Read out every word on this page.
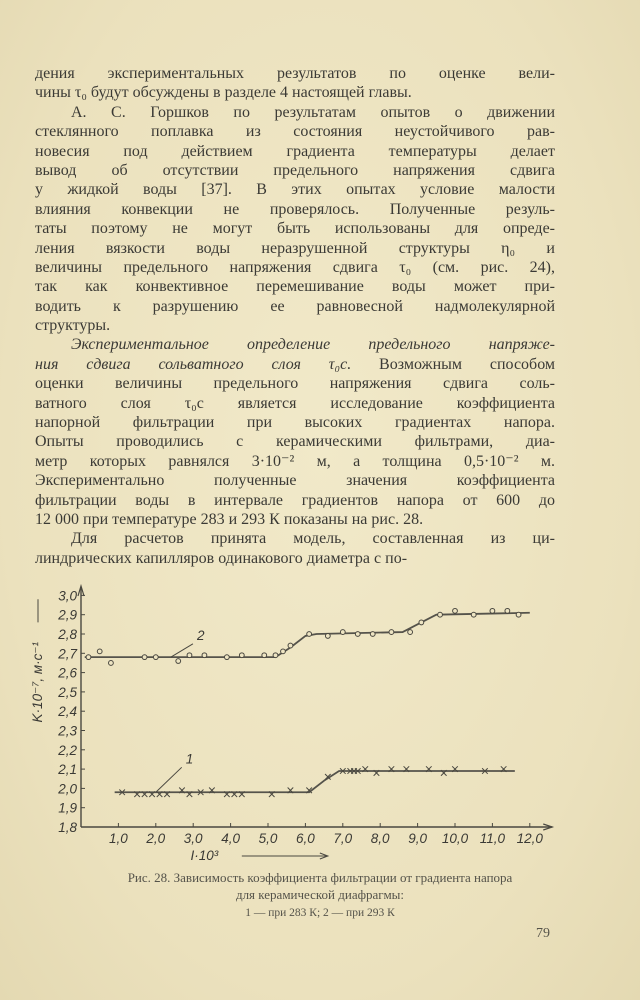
дения экспериментальных результатов по оценке вели-
чины τ₀ будут обсуждены в разделе 4 настоящей главы.
А. С. Горшков по результатам опытов о движении
стеклянного поплавка из состояния неустойчивого рав-
новесия под действием градиента температуры делает
вывод об отсутствии предельного напряжения сдвига
у жидкой воды [37]. В этих опытах условие малости
влияния конвекции не проверялось. Полученные резуль-
таты поэтому не могут быть использованы для опреде-
ления вязкости воды неразрушенной структуры η₀ и
величины предельного напряжения сдвига τ₀ (см. рис. 24),
так как конвективное перемешивание воды может при-
водить к разрушению ее равновесной надмолекулярной
структуры.
Экспериментальное определение предельного напряже-
ния сдвига сольватного слоя τ₀с. Возможным способом
оценки величины предельного напряжения сдвига соль-
ватного слоя τ₀с является исследование коэффициента
напорной фильтрации при высоких градиентах напора.
Опыты проводились с керамическими фильтрами, диа-
метр которых равнялся 3·10⁻² м, а толщина 0,5·10⁻² м.
Экспериментально полученные значения коэффициента
фильтрации воды в интервале градиентов напора от 600 до
12 000 при температуре 283 и 293 К показаны на рис. 28.
Для расчетов принята модель, составленная из ци-
линдрических капилляров одинакового диаметра с по-
1,8
1,9
2,0
2,1
2,2
2,3
2,4
2,5
2,6
2,7
2,8
2,9
3,0
1,0 2,0 3,0 4,0 5,0 6,0 7,0 8,0 9,0 10,0 11,0 12,0
I·10³
K·10⁻⁷, м·с⁻¹
1
2
Рис. 28. Зависимость коэффициента фильтрации от градиента напора
для керамической диафрагмы:
1 — при 283 К; 2 — при 293 К
79
